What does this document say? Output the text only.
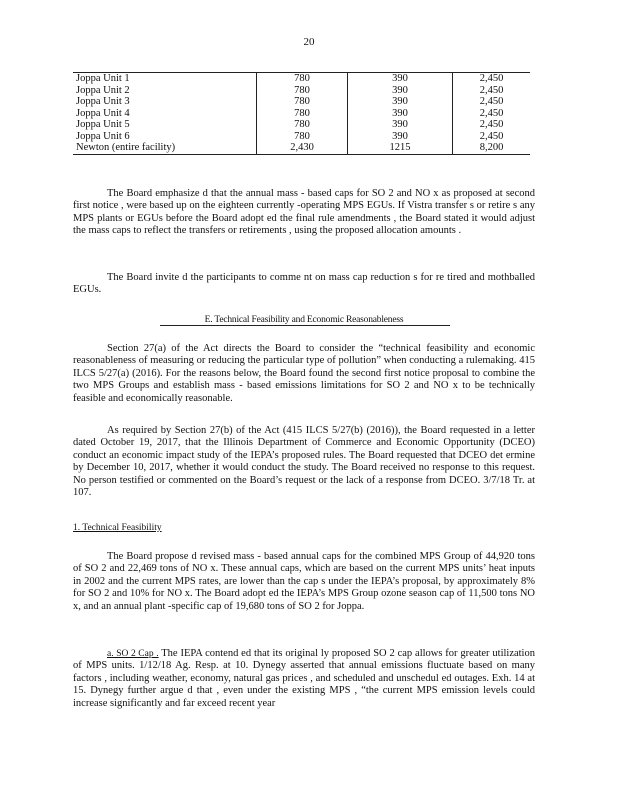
20
Joppa Unit 1	780	390	2,450
Joppa Unit 2	780	390	2,450
Joppa Unit 3	780	390	2,450
Joppa Unit 4	780	390	2,450
Joppa Unit 5	780	390	2,450
Joppa Unit 6	780	390	2,450
Newton (entire facility)	2,430	1215	8,200

The Board emphasize d that the annual mass - based caps for SO 2 and NO x as proposed at second first notice , were based up on the eighteen currently -operating MPS EGUs. If Vistra transfer s or retire s any MPS plants or EGUs before the Board adopt ed the final rule amendments , the Board stated it would adjust the mass caps to reflect the transfers or retirements , using the proposed allocation amounts .

The Board invite d the participants to comme nt on mass cap reduction s for re tired and mothballed EGUs.

E. Technical Feasibility and Economic Reasonableness

Section 27(a) of the Act directs the Board to consider the “technical feasibility and economic reasonableness of measuring or reducing the particular type of pollution” when conducting a rulemaking. 415 ILCS 5/27(a) (2016). For the reasons below, the Board found the second first notice proposal to combine the two MPS Groups and establish mass - based emissions limitations for SO 2 and NO x to be technically feasible and economically reasonable.

As required by Section 27(b) of the Act (415 ILCS 5/27(b) (2016)), the Board requested in a letter dated October 19, 2017, that the Illinois Department of Commerce and Economic Opportunity (DCEO) conduct an economic impact study of the IEPA’s proposed rules. The Board requested that DCEO det ermine by December 10, 2017, whether it would conduct the study. The Board received no response to this request. No person testified or commented on the Board’s request or the lack of a response from DCEO. 3/7/18 Tr. at 107.

1. Technical Feasibility

The Board propose d revised mass - based annual caps for the combined MPS Group of 44,920 tons of SO 2 and 22,469 tons of NO x. These annual caps, which are based on the current MPS units’ heat inputs in 2002 and the current MPS rates, are lower than the cap s under the IEPA’s proposal, by approximately 8% for SO 2 and 10% for NO x. The Board adopt ed the IEPA’s MPS Group ozone season cap of 11,500 tons NO x, and an annual plant -specific cap of 19,680 tons of SO 2 for Joppa.

a. SO 2 Cap . The IEPA contend ed that its original ly proposed SO 2 cap allows for greater utilization of MPS units. 1/12/18 Ag. Resp. at 10. Dynegy asserted that annual emissions fluctuate based on many factors , including weather, economy, natural gas prices , and scheduled and unschedul ed outages. Exh. 14 at 15. Dynegy further argue d that , even under the existing MPS , “the current MPS emission levels could increase significantly and far exceed recent year
